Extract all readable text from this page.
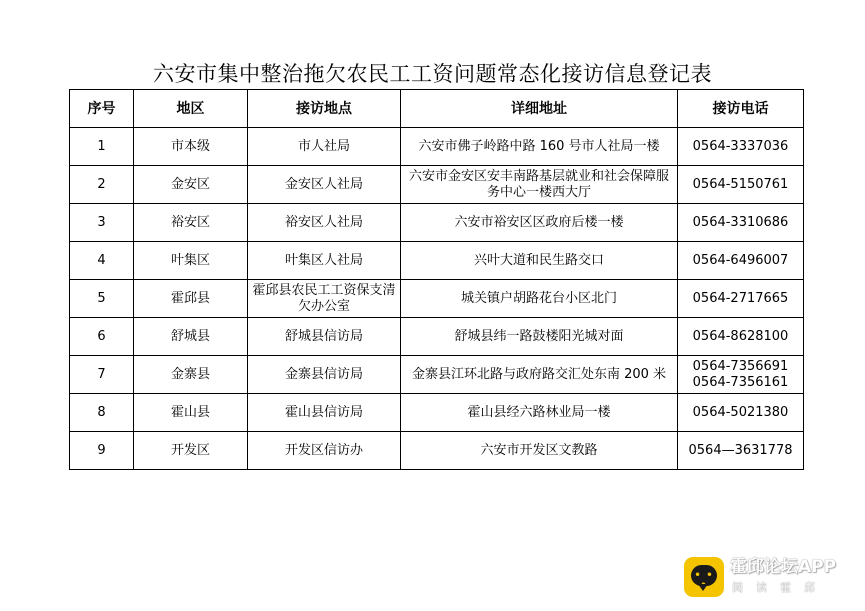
六安市集中整治拖欠农民工工资问题常态化接访信息登记表
序号	地区	接访地点	详细地址	接访电话
1	市本级	市人社局	六安市佛子岭路中路 160 号市人社局一楼	0564-3337036
2	金安区	金安区人社局	六安市金安区安丰南路基层就业和社会保障服务中心一楼西大厅	0564-5150761
3	裕安区	裕安区人社局	六安市裕安区区政府后楼一楼	0564-3310686
4	叶集区	叶集区人社局	兴叶大道和民生路交口	0564-6496007
5	霍邱县	霍邱县农民工工资保支清欠办公室	城关镇户胡路花台小区北门	0564-2717665
6	舒城县	舒城县信访局	舒城县纬一路鼓楼阳光城对面	0564-8628100
7	金寨县	金寨县信访局	金寨县江环北路与政府路交汇处东南 200 米	0564-7356691
0564-7356161
8	霍山县	霍山县信访局	霍山县经六路林业局一楼	0564-5021380
9	开发区	开发区信访办	六安市开发区文教路	0564—3631778
• • •
霍邱论坛APP
阅读霍邱
